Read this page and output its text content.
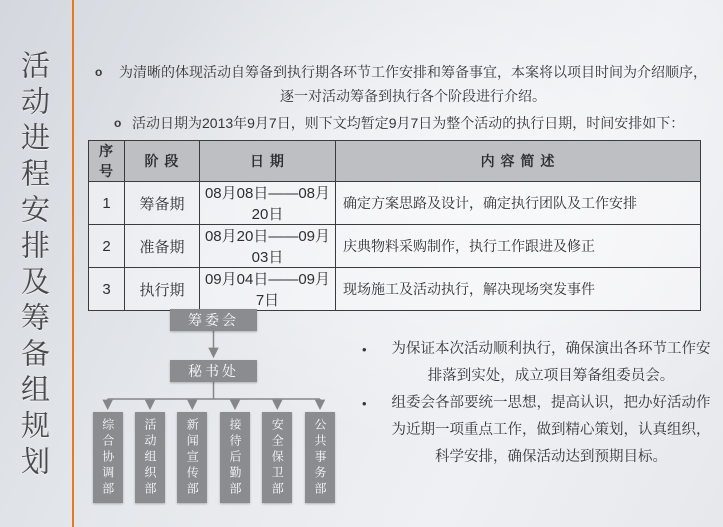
活动进程安排及筹备组规划	o 为清晰的体现活动自筹备到执行期各环节工作安排和筹备事宜，本案将以项目时间为介绍顺序，逐一对活动筹备到执行各个阶段进行介绍。
o 活动日期为2013年9月7日，则下文均暂定9月7日为整个活动的执行日期，时间安排如下：
序号	阶 段	日 期	内 容 简 述
1	筹备期	08月08日——08月20日	确定方案思路及设计，确定执行团队及工作安排
2	准备期	08月20日——09月03日	庆典物料采购制作，执行工作跟进及修正
3	执行期	09月04日——09月7日	现场施工及活动执行，解决现场突发事件
筹委会
秘书处
综合协调部	活动组织部	新闻宣传部	接待后勤部	安全保卫部	公共事务部
• 为保证本次活动顺利执行，确保演出各环节工作安排落到实处，成立项目筹备组委员会。
• 组委会各部要统一思想，提高认识，把办好活动作为近期一项重点工作，做到精心策划，认真组织，科学安排，确保活动达到预期目标。
